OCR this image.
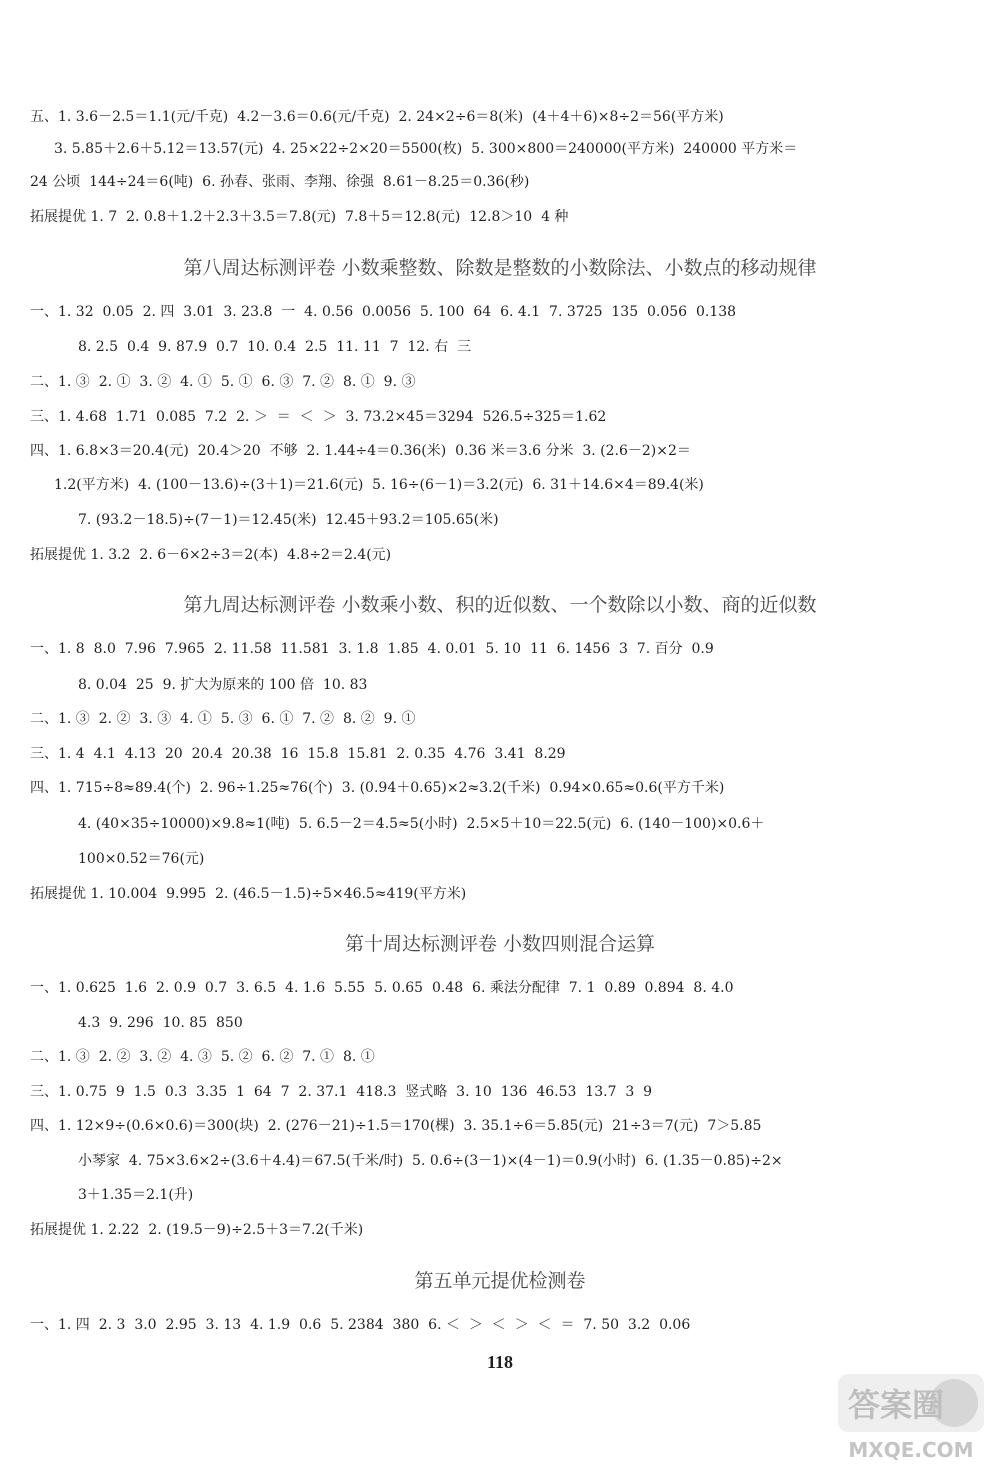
五、1. 3.6－2.5＝1.1(元/千克)  4.2－3.6＝0.6(元/千克)  2. 24×2÷6＝8(米)  (4＋4＋6)×8÷2＝56(平方米)
3. 5.85＋2.6＋5.12＝13.57(元)  4. 25×22÷2×20＝5500(枚)  5. 300×800＝240000(平方米)  240000 平方米＝
24 公顷  144÷24＝6(吨)  6. 孙春、张雨、李翔、徐强  8.61－8.25＝0.36(秒)
拓展提优 1. 7  2. 0.8＋1.2＋2.3＋3.5＝7.8(元)  7.8＋5＝12.8(元)  12.8＞10  4 种
第八周达标测评卷 小数乘整数、除数是整数的小数除法、小数点的移动规律
一、1. 32  0.05  2. 四  3.01  3. 23.8  一  4. 0.56  0.0056  5. 100  64  6. 4.1  7. 3725  135  0.056  0.138
8. 2.5  0.4  9. 87.9  0.7  10. 0.4  2.5  11. 11  7  12. 右  三
二、1. ③  2. ①  3. ②  4. ①  5. ①  6. ③  7. ②  8. ①  9. ③
三、1. 4.68  1.71  0.085  7.2  2. ＞  ＝  ＜  ＞  3. 73.2×45＝3294  526.5÷325＝1.62
四、1. 6.8×3＝20.4(元)  20.4＞20  不够  2. 1.44÷4＝0.36(米)  0.36 米＝3.6 分米  3. (2.6－2)×2＝
1.2(平方米)  4. (100－13.6)÷(3＋1)＝21.6(元)  5. 16÷(6－1)＝3.2(元)  6. 31＋14.6×4＝89.4(米)
7. (93.2－18.5)÷(7－1)＝12.45(米)  12.45＋93.2＝105.65(米)
拓展提优 1. 3.2  2. 6－6×2÷3＝2(本)  4.8÷2＝2.4(元)
第九周达标测评卷 小数乘小数、积的近似数、一个数除以小数、商的近似数
一、1. 8  8.0  7.96  7.965  2. 11.58  11.581  3. 1.8  1.85  4. 0.01  5. 10  11  6. 1456  3  7. 百分  0.9
8. 0.04  25  9. 扩大为原来的 100 倍  10. 83
二、1. ③  2. ②  3. ③  4. ①  5. ③  6. ①  7. ②  8. ②  9. ①
三、1. 4  4.1  4.13  20  20.4  20.38  16  15.8  15.81  2. 0.35  4.76  3.41  8.29
四、1. 715÷8≈89.4(个)  2. 96÷1.25≈76(个)  3. (0.94＋0.65)×2≈3.2(千米)  0.94×0.65≈0.6(平方千米)
4. (40×35÷10000)×9.8≈1(吨)  5. 6.5－2＝4.5≈5(小时)  2.5×5＋10＝22.5(元)  6. (140－100)×0.6＋
100×0.52＝76(元)
拓展提优 1. 10.004  9.995  2. (46.5－1.5)÷5×46.5≈419(平方米)
第十周达标测评卷 小数四则混合运算
一、1. 0.625  1.6  2. 0.9  0.7  3. 6.5  4. 1.6  5.55  5. 0.65  0.48  6. 乘法分配律  7. 1  0.89  0.894  8. 4.0
4.3  9. 296  10. 85  850
二、1. ③  2. ②  3. ②  4. ③  5. ②  6. ②  7. ①  8. ①
三、1. 0.75  9  1.5  0.3  3.35  1  64  7  2. 37.1  418.3  竖式略  3. 10  136  46.53  13.7  3  9
四、1. 12×9÷(0.6×0.6)＝300(块)  2. (276－21)÷1.5＝170(棵)  3. 35.1÷6＝5.85(元)  21÷3＝7(元)  7＞5.85
小琴家  4. 75×3.6×2÷(3.6＋4.4)＝67.5(千米/时)  5. 0.6÷(3－1)×(4－1)＝0.9(小时)  6. (1.35－0.85)÷2×
3＋1.35＝2.1(升)
拓展提优 1. 2.22  2. (19.5－9)÷2.5＋3＝7.2(千米)
第五单元提优检测卷
一、1. 四  2. 3  3.0  2.95  3. 13  4. 1.9  0.6  5. 2384  380  6. ＜  ＞  ＜  ＞  ＜  ＝  7. 50  3.2  0.06
118
答案圈
MXQE.COM
